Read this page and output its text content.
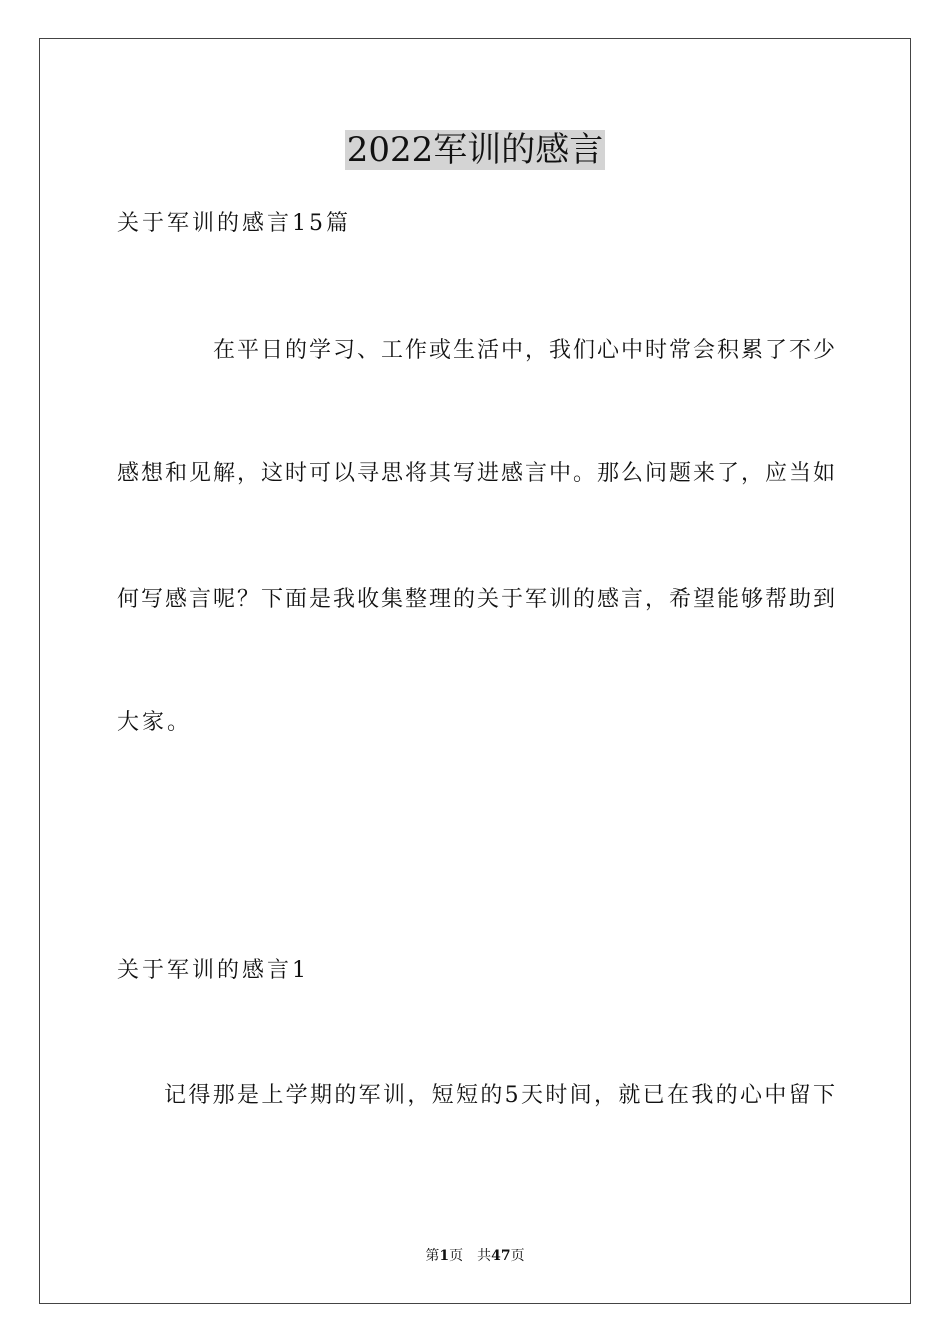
2022军训的感言
关于军训的感言15篇
在平日的学习、工作或生活中，我们心中时常会积累了不少
感想和见解，这时可以寻思将其写进感言中。那么问题来了，应当如
何写感言呢？下面是我收集整理的关于军训的感言，希望能够帮助到
大家。
关于军训的感言1
记得那是上学期的军训，短短的5天时间，就已在我的心中留下
第1页　共47页
